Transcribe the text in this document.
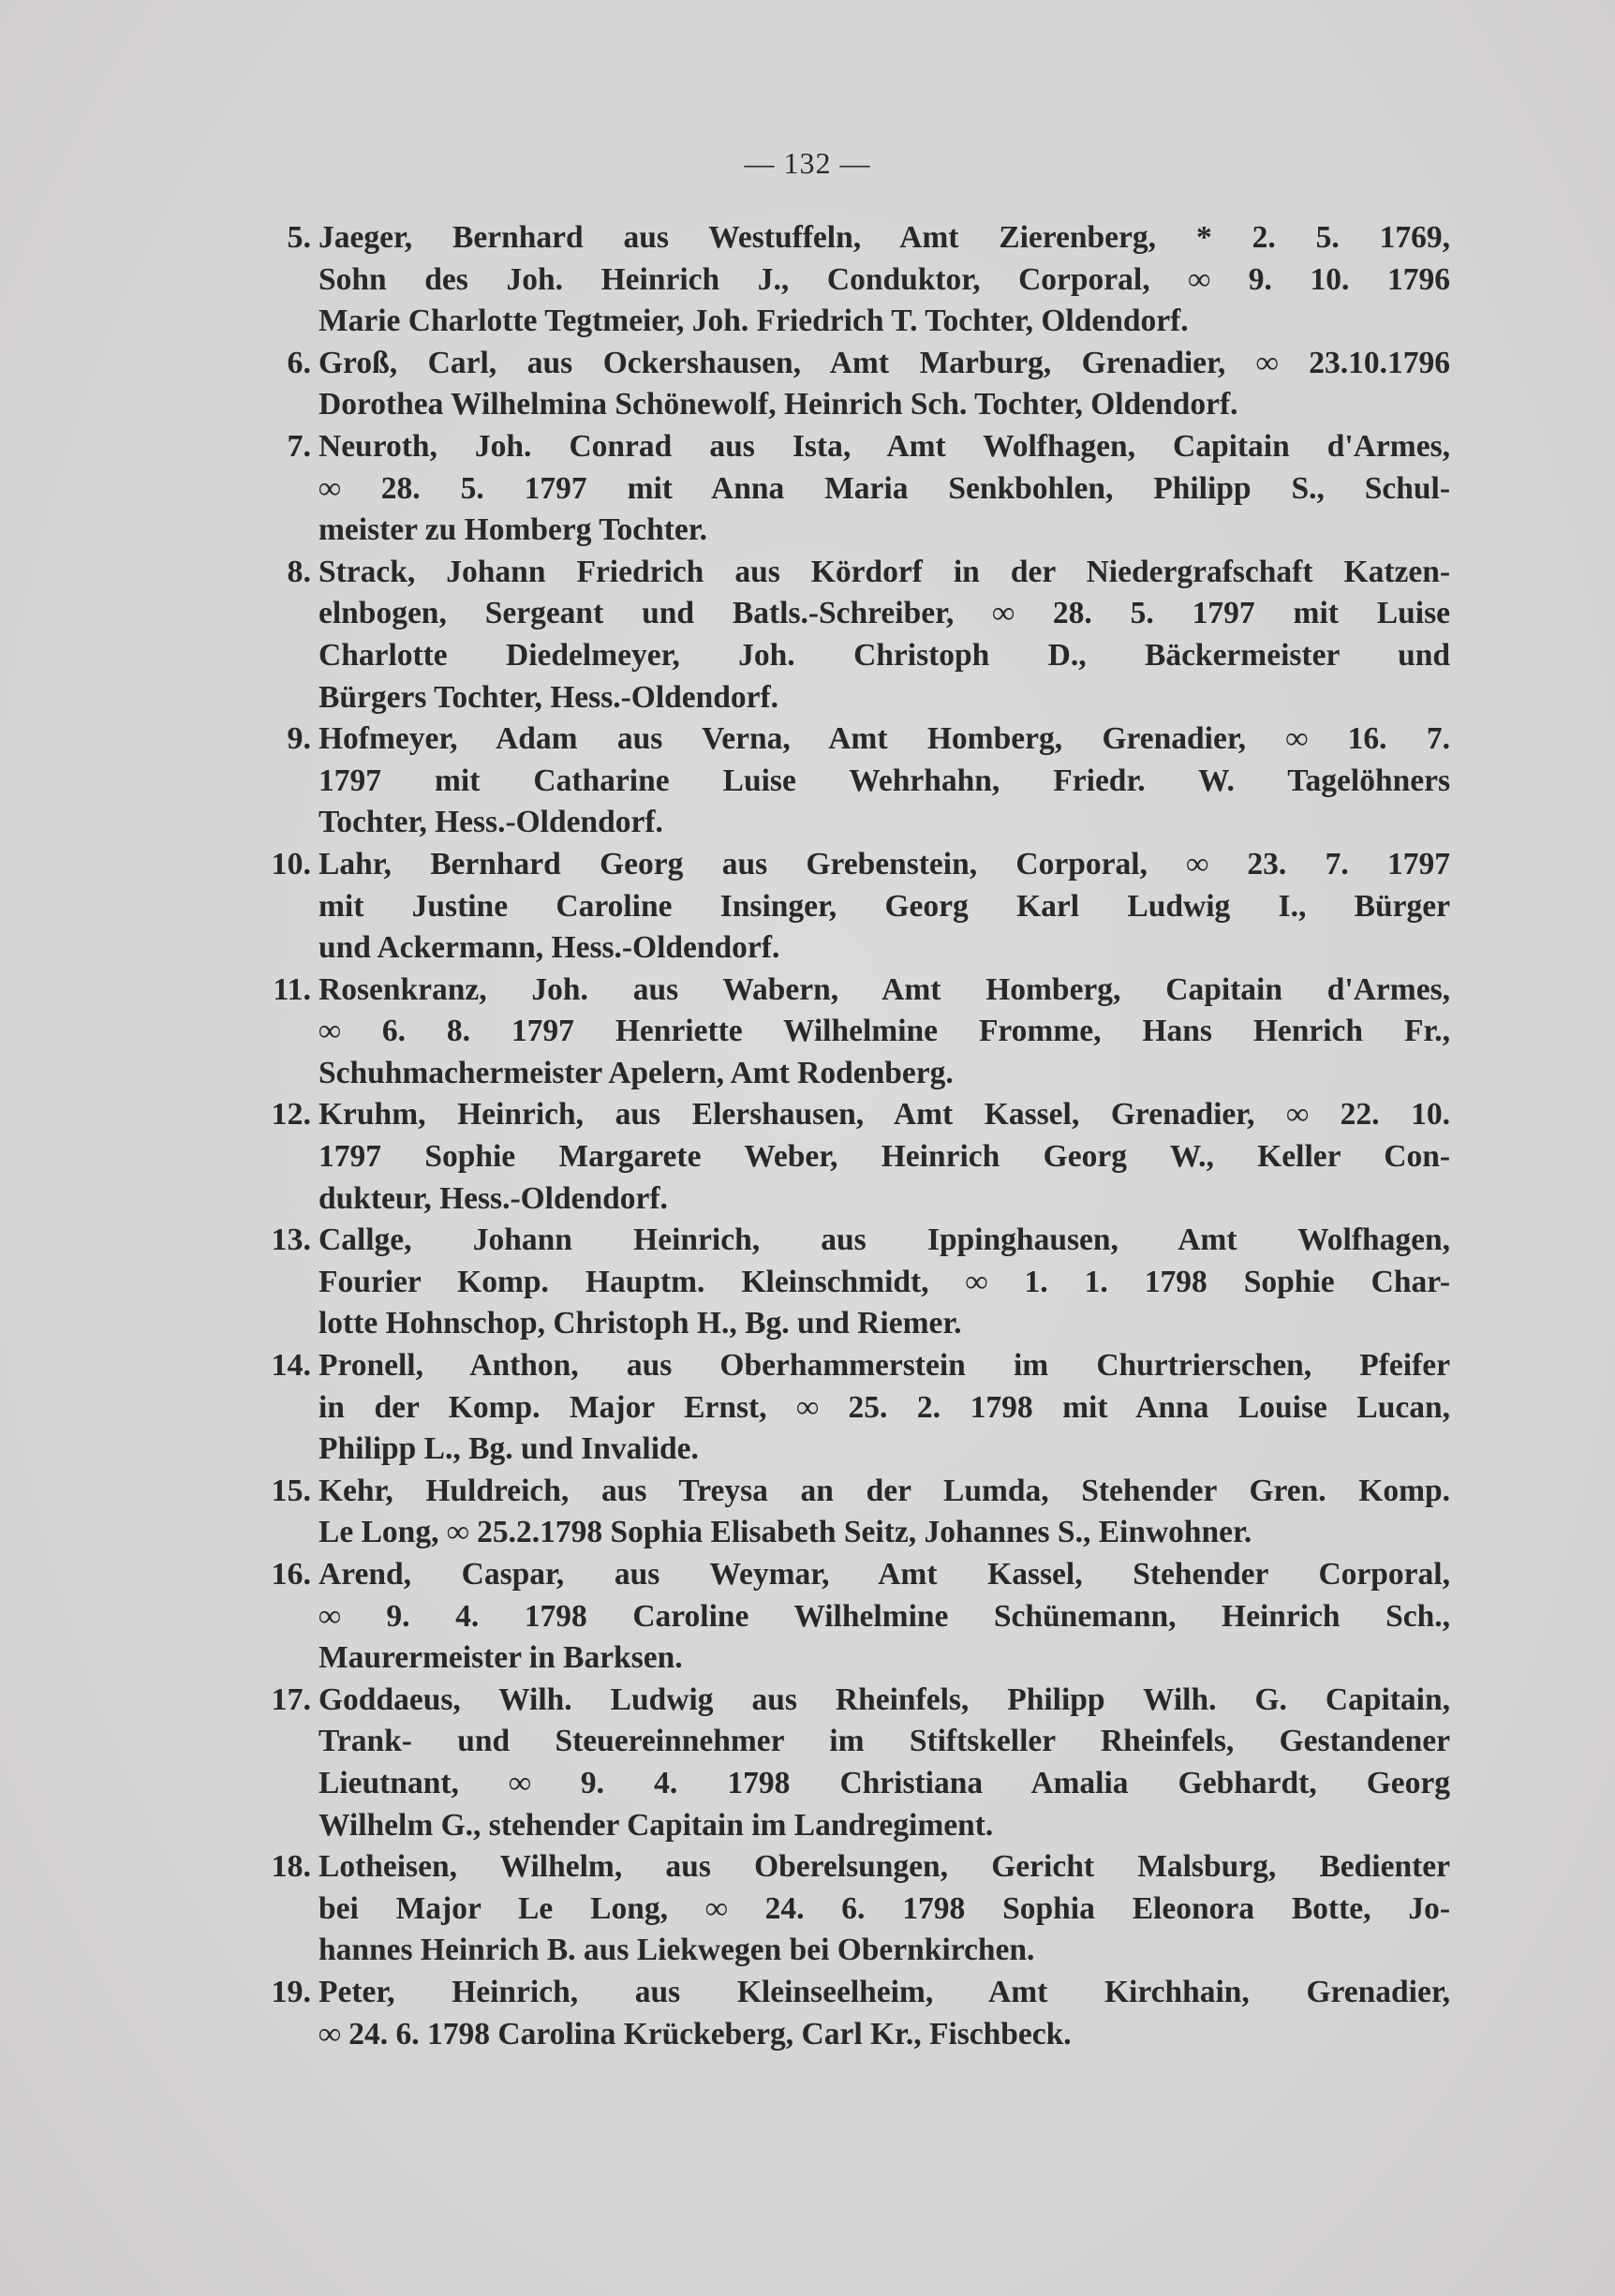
— 132 —
5. Jaeger, Bernhard aus Westuffeln, Amt Zierenberg, * 2. 5. 1769,
Sohn des Joh. Heinrich J., Conduktor, Corporal, ∞ 9. 10. 1796
Marie Charlotte Tegtmeier, Joh. Friedrich T. Tochter, Oldendorf.
6. Groß, Carl, aus Ockershausen, Amt Marburg, Grenadier, ∞ 23.10.1796
Dorothea Wilhelmina Schönewolf, Heinrich Sch. Tochter, Oldendorf.
7. Neuroth, Joh. Conrad aus Ista, Amt Wolfhagen, Capitain d'Armes,
∞ 28. 5. 1797 mit Anna Maria Senkbohlen, Philipp S., Schul-
meister zu Homberg Tochter.
8. Strack, Johann Friedrich aus Kördorf in der Niedergrafschaft Katzen-
elnbogen, Sergeant und Batls.-Schreiber, ∞ 28. 5. 1797 mit Luise
Charlotte Diedelmeyer, Joh. Christoph D., Bäckermeister und
Bürgers Tochter, Hess.-Oldendorf.
9. Hofmeyer, Adam aus Verna, Amt Homberg, Grenadier, ∞ 16. 7.
1797 mit Catharine Luise Wehrhahn, Friedr. W. Tagelöhners
Tochter, Hess.-Oldendorf.
10. Lahr, Bernhard Georg aus Grebenstein, Corporal, ∞ 23. 7. 1797
mit Justine Caroline Insinger, Georg Karl Ludwig I., Bürger
und Ackermann, Hess.-Oldendorf.
11. Rosenkranz, Joh. aus Wabern, Amt Homberg, Capitain d'Armes,
∞ 6. 8. 1797 Henriette Wilhelmine Fromme, Hans Henrich Fr.,
Schuhmachermeister Apelern, Amt Rodenberg.
12. Kruhm, Heinrich, aus Elershausen, Amt Kassel, Grenadier, ∞ 22. 10.
1797 Sophie Margarete Weber, Heinrich Georg W., Keller Con-
dukteur, Hess.-Oldendorf.
13. Callge, Johann Heinrich, aus Ippinghausen, Amt Wolfhagen,
Fourier Komp. Hauptm. Kleinschmidt, ∞ 1. 1. 1798 Sophie Char-
lotte Hohnschop, Christoph H., Bg. und Riemer.
14. Pronell, Anthon, aus Oberhammerstein im Churtrierschen, Pfeifer
in der Komp. Major Ernst, ∞ 25. 2. 1798 mit Anna Louise Lucan,
Philipp L., Bg. und Invalide.
15. Kehr, Huldreich, aus Treysa an der Lumda, Stehender Gren. Komp.
Le Long, ∞ 25.2.1798 Sophia Elisabeth Seitz, Johannes S., Einwohner.
16. Arend, Caspar, aus Weymar, Amt Kassel, Stehender Corporal,
∞ 9. 4. 1798 Caroline Wilhelmine Schünemann, Heinrich Sch.,
Maurermeister in Barksen.
17. Goddaeus, Wilh. Ludwig aus Rheinfels, Philipp Wilh. G. Capitain,
Trank- und Steuereinnehmer im Stiftskeller Rheinfels, Gestandener
Lieutnant, ∞ 9. 4. 1798 Christiana Amalia Gebhardt, Georg
Wilhelm G., stehender Capitain im Landregiment.
18. Lotheisen, Wilhelm, aus Oberelsungen, Gericht Malsburg, Bedienter
bei Major Le Long, ∞ 24. 6. 1798 Sophia Eleonora Botte, Jo-
hannes Heinrich B. aus Liekwegen bei Obernkirchen.
19. Peter, Heinrich, aus Kleinseelheim, Amt Kirchhain, Grenadier,
∞ 24. 6. 1798 Carolina Krückeberg, Carl Kr., Fischbeck.
